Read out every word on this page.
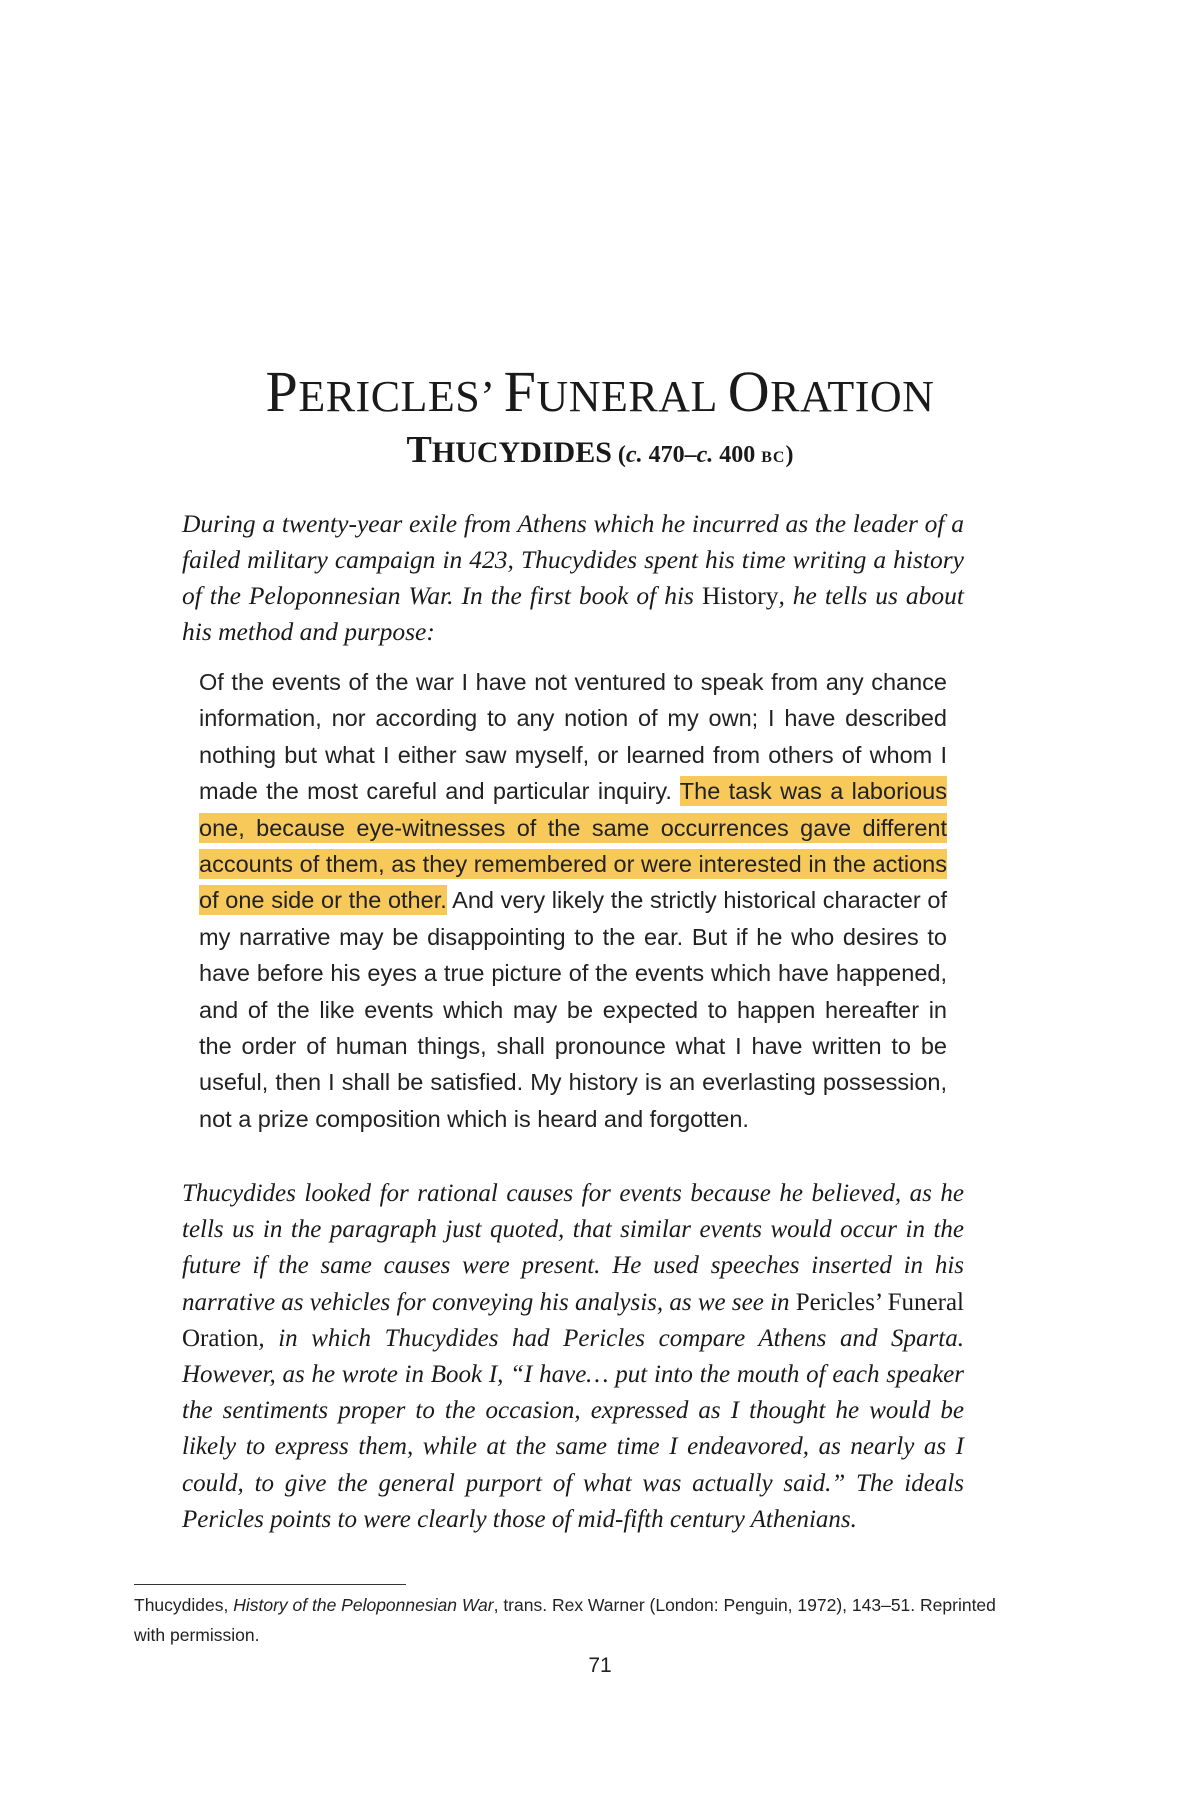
PERICLES’ FUNERAL ORATION
THUCYDIDES (c. 470–c. 400 BC)

During a twenty-year exile from Athens which he incurred as the leader of a failed military campaign in 423, Thucydides spent his time writing a history of the Peloponnesian War. In the first book of his History, he tells us about his method and purpose:

Of the events of the war I have not ventured to speak from any chance information, nor according to any notion of my own; I have described nothing but what I either saw myself, or learned from others of whom I made the most careful and particular inquiry. The task was a laborious one, because eye-witnesses of the same occurrences gave different accounts of them, as they remembered or were interested in the actions of one side or the other. And very likely the strictly historical character of my narrative may be disappointing to the ear. But if he who desires to have before his eyes a true picture of the events which have happened, and of the like events which may be expected to happen hereafter in the order of human things, shall pronounce what I have written to be useful, then I shall be satisfied. My history is an everlasting possession, not a prize composition which is heard and forgotten.

Thucydides looked for rational causes for events because he believed, as he tells us in the paragraph just quoted, that similar events would occur in the future if the same causes were present. He used speeches inserted in his narrative as vehicles for conveying his analysis, as we see in Pericles’ Funeral Oration, in which Thucydides had Pericles compare Athens and Sparta. However, as he wrote in Book I, “I have… put into the mouth of each speaker the sentiments proper to the occasion, expressed as I thought he would be likely to express them, while at the same time I endeavored, as nearly as I could, to give the general purport of what was actually said.” The ideals Pericles points to were clearly those of mid-fifth century Athenians.

Thucydides, History of the Peloponnesian War, trans. Rex Warner (London: Penguin, 1972), 143–51. Reprinted with permission.

71
